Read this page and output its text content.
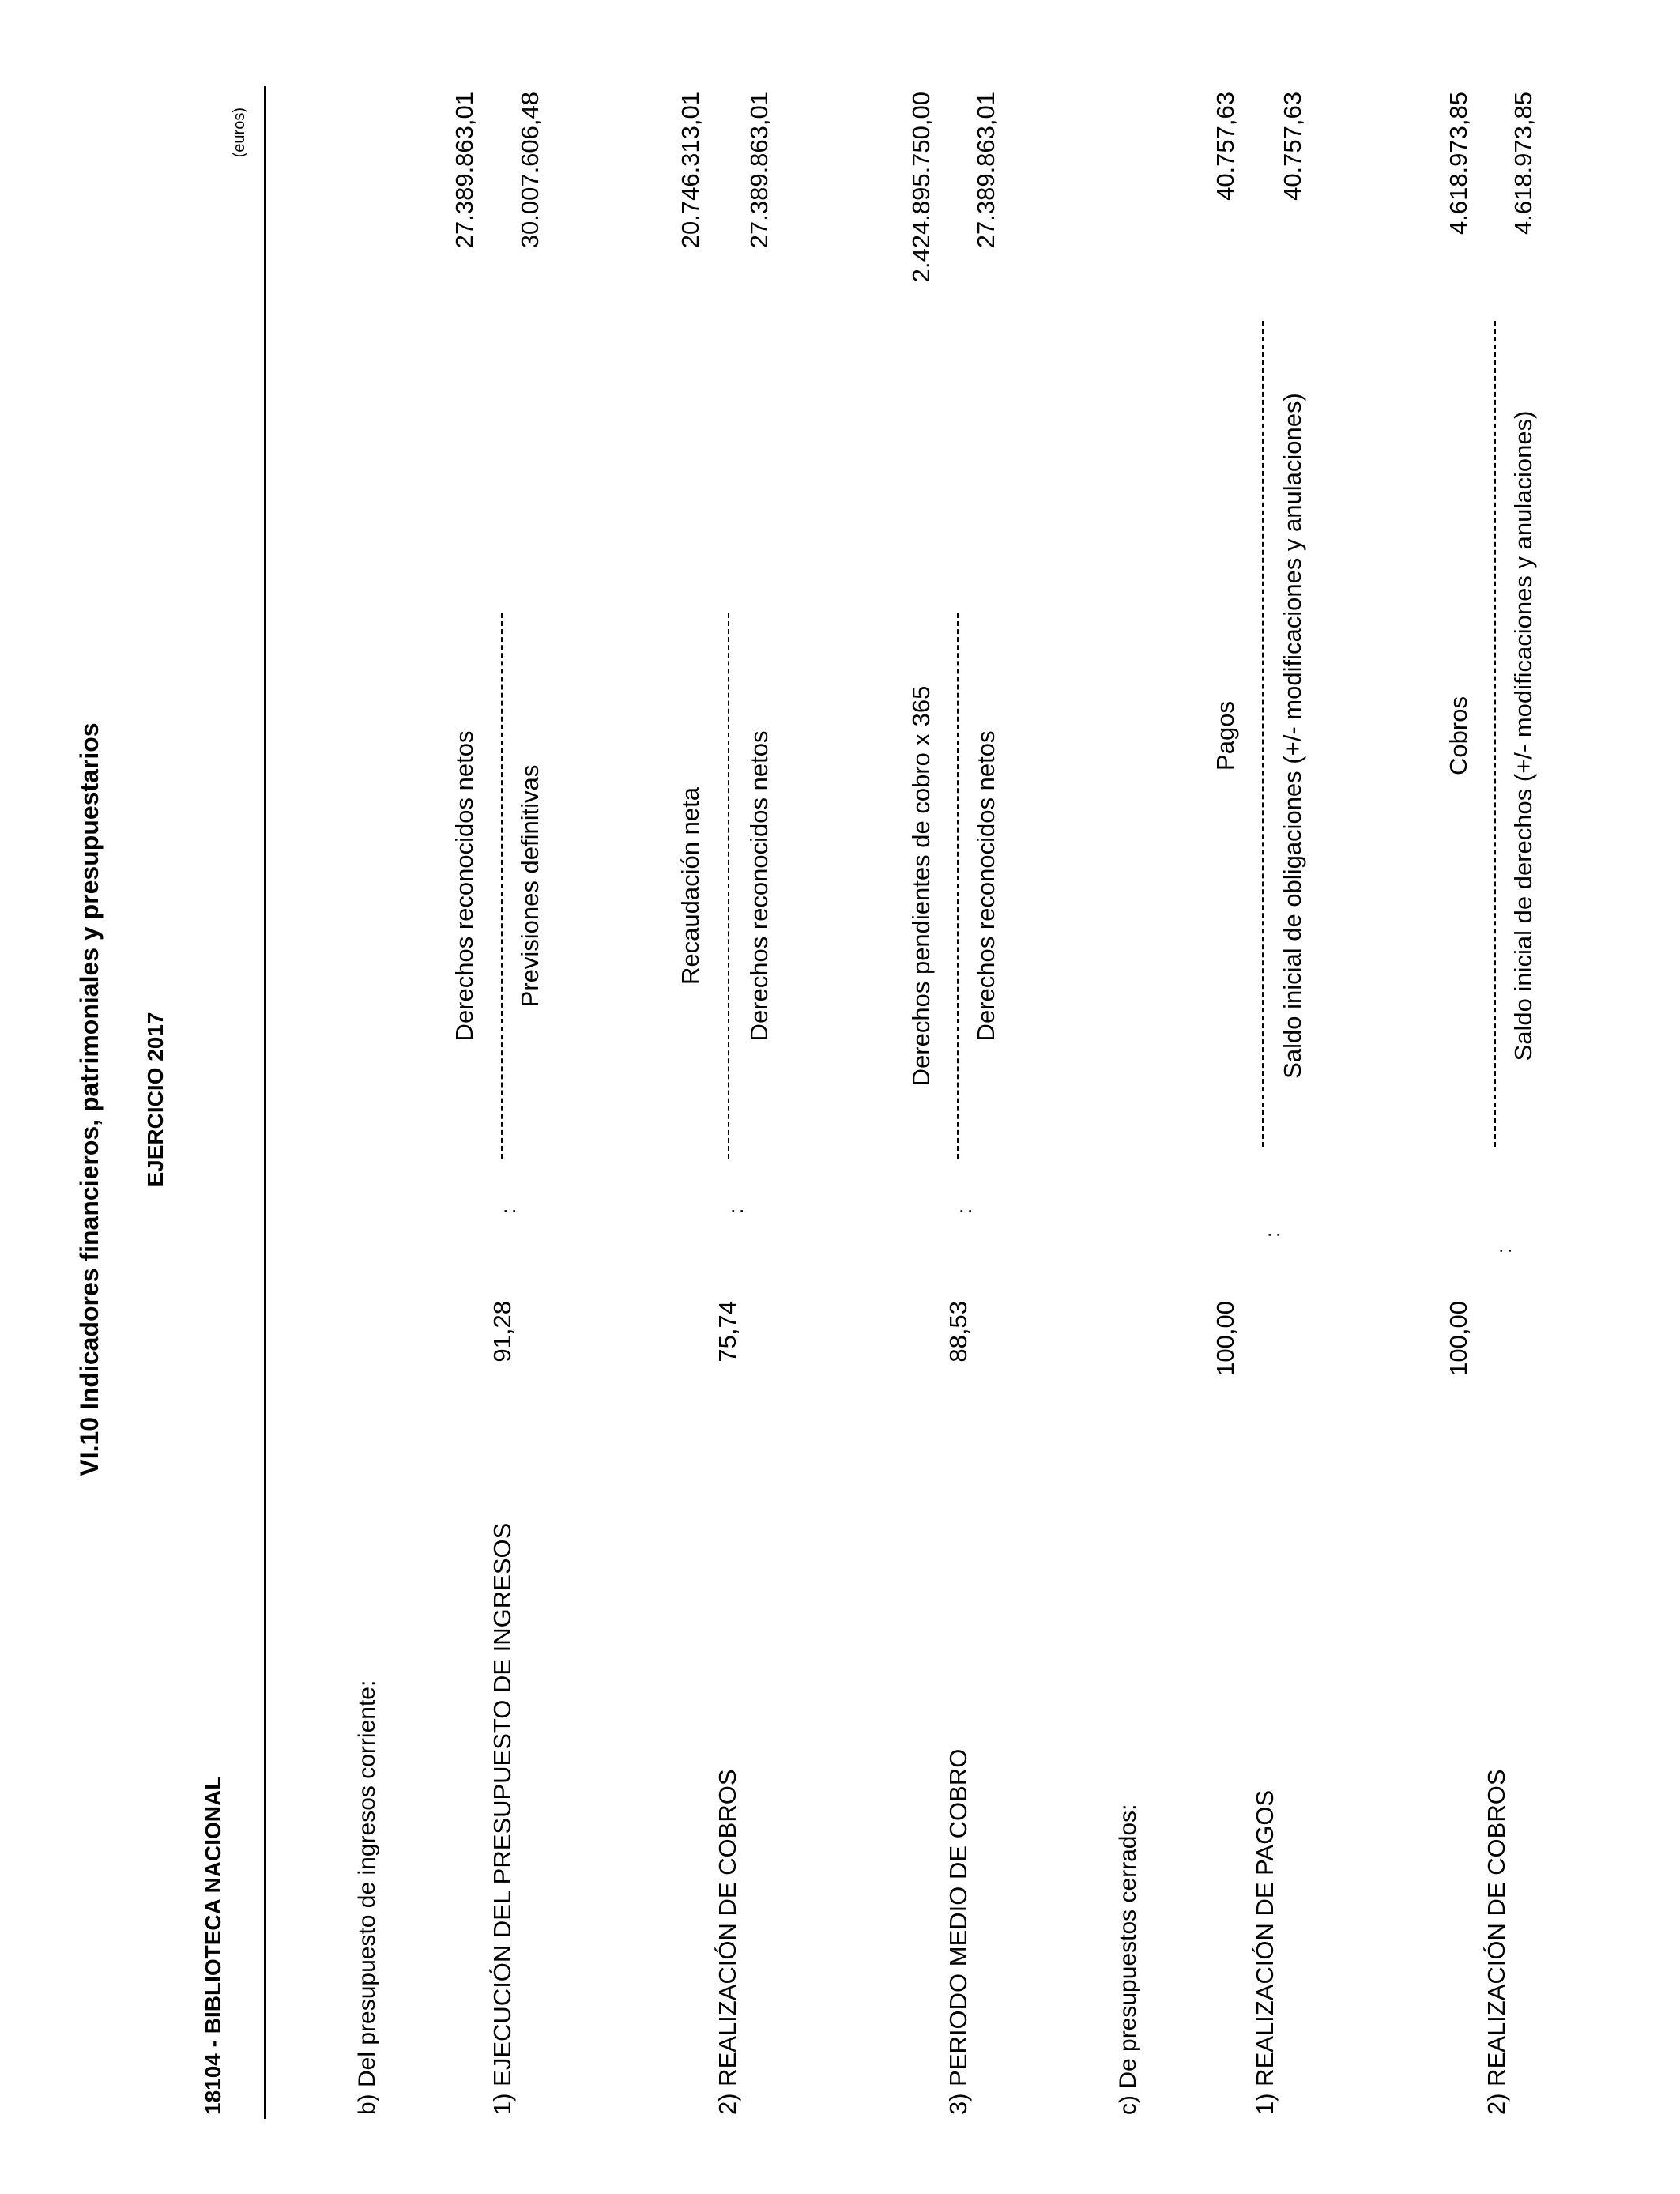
VI.10 Indicadores financieros, patrimoniales y presupuestarios EJERCICIO 2017
18104 - BIBLIOTECA NACIONAL
(euros)
b) Del presupuesto de ingresos corriente:	1) EJECUCIÓN DEL PRESUPUESTO DE INGRESOS
91,28
:
Derechos reconocidos netos Previsiones definitivas
27.389.863,01 30.007.606,48
2) REALIZACIÓN DE COBROS
75,74
:
Recaudación neta Derechos reconocidos netos
20.746.313,01 27.389.863,01
3) PERIODO MEDIO DE COBRO
88,53
:
Derechos pendientes de cobro x 365 Derechos reconocidos netos
2.424.895.750,00 27.389.863,01
c) De presupuestos cerrados:	1) REALIZACIÓN DE PAGOS
100,00
:
Pagos Saldo inicial de obligaciones (+/- modificaciones y anulaciones)
40.757,63 40.757,63
2) REALIZACIÓN DE COBROS
100,00
:
Cobros Saldo inicial de derechos (+/- modificaciones y anulaciones)
4.618.973,85 4.618.973,85
